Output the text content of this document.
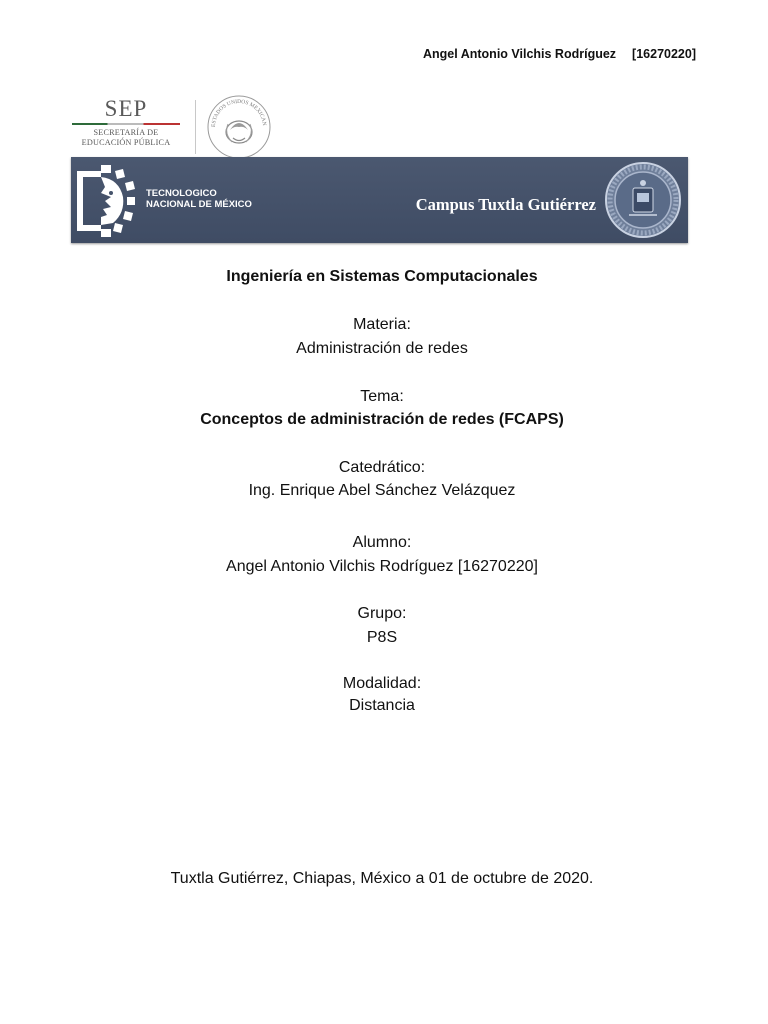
Angel Antonio Vilchis Rodríguez [16270220]
SEP
SECRETARÍA DE
EDUCACIÓN PÚBLICA
ESTADOS UNIDOS MEXICAN
TECNOLOGICO
NACIONAL DE MÉXICO	Campus Tuxtla Gutiérrez
Ingeniería en Sistemas Computacionales
Materia:
Administración de redes
Tema:
Conceptos de administración de redes (FCAPS)
Catedrático:
Ing. Enrique Abel Sánchez Velázquez
Alumno:
Angel Antonio Vilchis Rodríguez [16270220]
Grupo:
P8S
Modalidad:
Distancia
Tuxtla Gutiérrez, Chiapas, México a 01 de octubre de 2020.
